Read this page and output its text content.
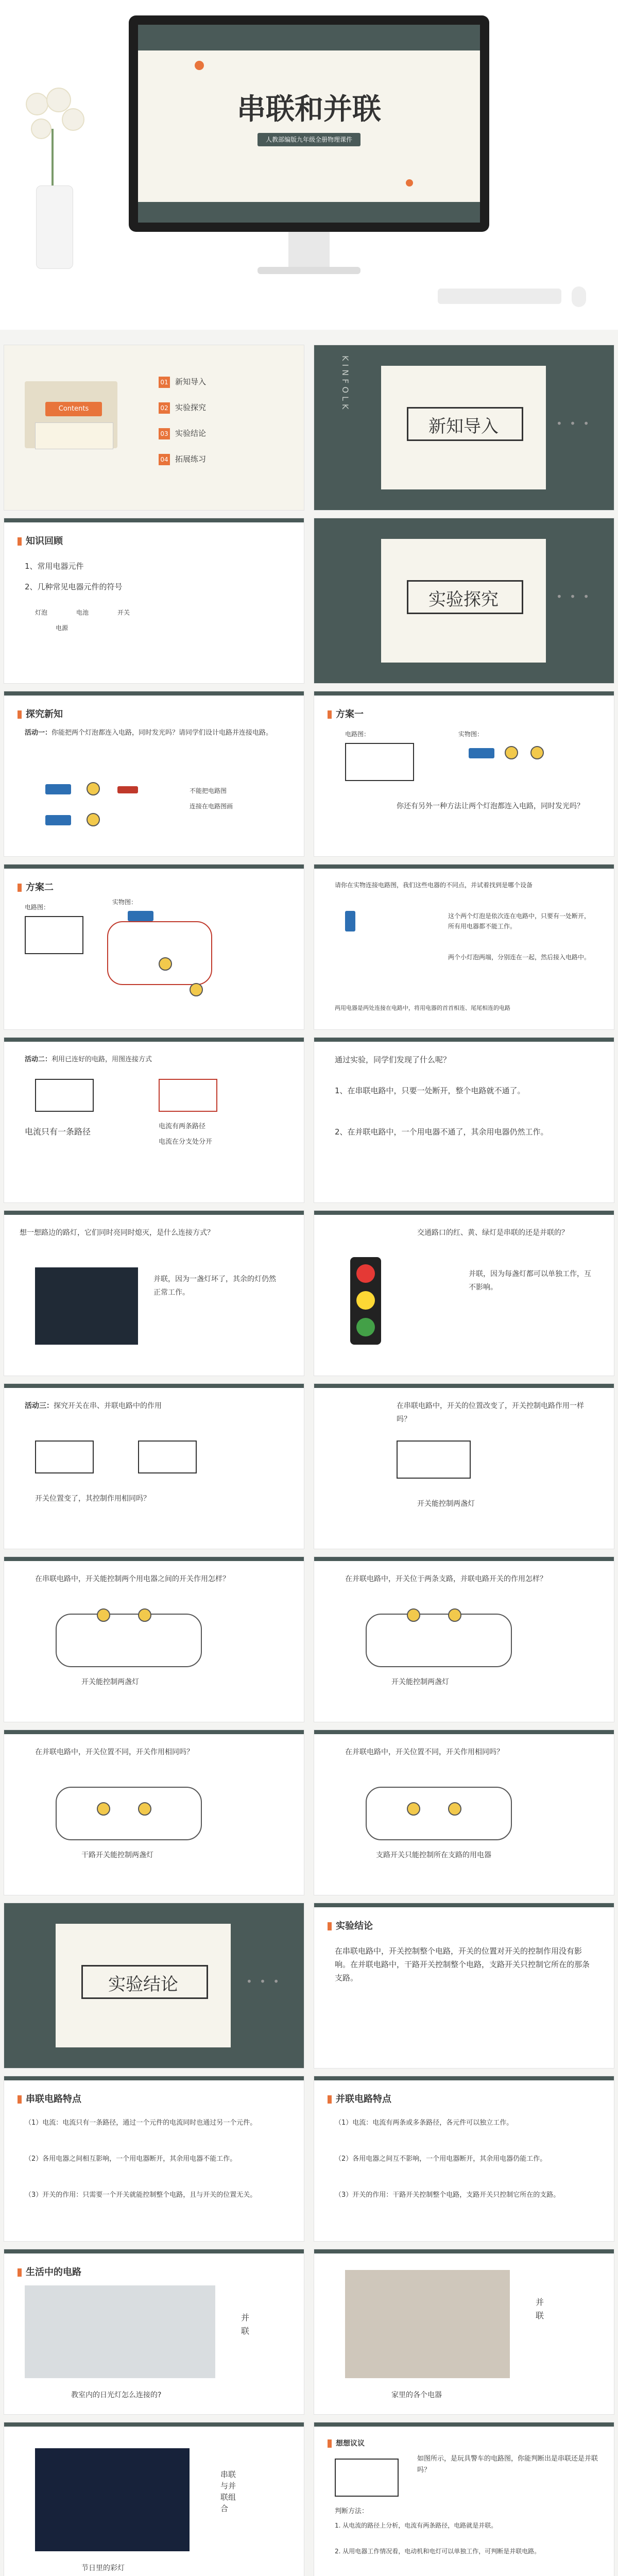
串联和并联
人教部编版九年级全册物理课件
Contents
01 新知导入
02 实验探究
03 实验结论
04 拓展练习
KINFOLK
新知导入	• • •
知识回顾
1、常用电器元件
2、几种常见电器元件的符号
灯泡	电池
电源
开关
实验探究	• • •
探究新知
活动一：你能把两个灯泡都连入电路，同时发光吗？请同学们设计电路并连接电路。
不能把电路图
连接在电路图画
方案一
电路图：	实物图：
你还有另外一种方法让两个灯泡都连入电路，同时发光吗？
方案二
电路图：
实物图：
请你在实物连接电路图，我们这些电器的不同点，并试着找到是哪个设备
这个两个灯泡是依次连在电路中，只要有一处断开，所有用电器都不能工作。
两个小灯泡两端，分别连在一起，然后接入电路中。
两用电器是两处连接在电路中，将用电器的首首相连、尾尾相连的电路
活动二：利用已连好的电路，用图连接方式
电流只有一条路径
电流有两条路径
电流在分支处分开
通过实验，同学们发现了什么呢？
1、在串联电路中，只要一处断开，整个电路就不通了。
2、在并联电路中，一个用电器不通了，其余用电器仍然工作。
想一想路边的路灯，它们同时亮同时熄灭，是什么连接方式？
并联，因为一盏灯坏了，其余的灯仍然正常工作。
交通路口的红、黄、绿灯是串联的还是并联的？
并联，因为每盏灯都可以单独工作，互不影响。
活动三：探究开关在串、并联电路中的作用
开关位置变了，其控制作用相同吗？
在串联电路中，开关的位置改变了，开关控制电路作用一样吗？
开关能控制两盏灯
在串联电路中，开关能控制两个用电器之间的开关作用怎样？
开关能控制两盏灯
在并联电路中，开关位于两条支路，并联电路开关的作用怎样？
开关能控制两盏灯
在并联电路中，开关位置不同，开关作用相同吗？
干路开关能控制两盏灯
在并联电路中，开关位置不同，开关作用相同吗？
支路开关只能控制所在支路的用电器
实验结论	• • •
实验结论
在串联电路中，开关控制整个电路，开关的位置对开关的控制作用没有影响。在并联电路中，干路开关控制整个电路，支路开关只控制它所在的那条支路。
串联电路特点
（1）电流：电流只有一条路径，通过一个元件的电流同时也通过另一个元件。
（2）各用电器之间相互影响，一个用电器断开，其余用电器不能工作。
（3）开关的作用：只需要一个开关就能控制整个电路，且与开关的位置无关。
并联电路特点
（1）电流：电流有两条或多条路径，各元件可以独立工作。
（2）各用电器之间互不影响，一个用电器断开，其余用电器仍能工作。
（3）开关的作用：干路开关控制整个电路，支路开关只控制它所在的支路。
生活中的电路
并联
教室内的日光灯怎么连接的?
并联
家里的各个电器
串联与并联组合
节日里的彩灯
想想议议
如图所示，是玩具警车的电路图，你能判断出是串联还是并联吗？
判断方法：
1. 从电流的路径上分析，电流有两条路径，电路就是并联。
2. 从用电器工作情况看，电动机和电灯可以单独工作，可判断是并联电路。
